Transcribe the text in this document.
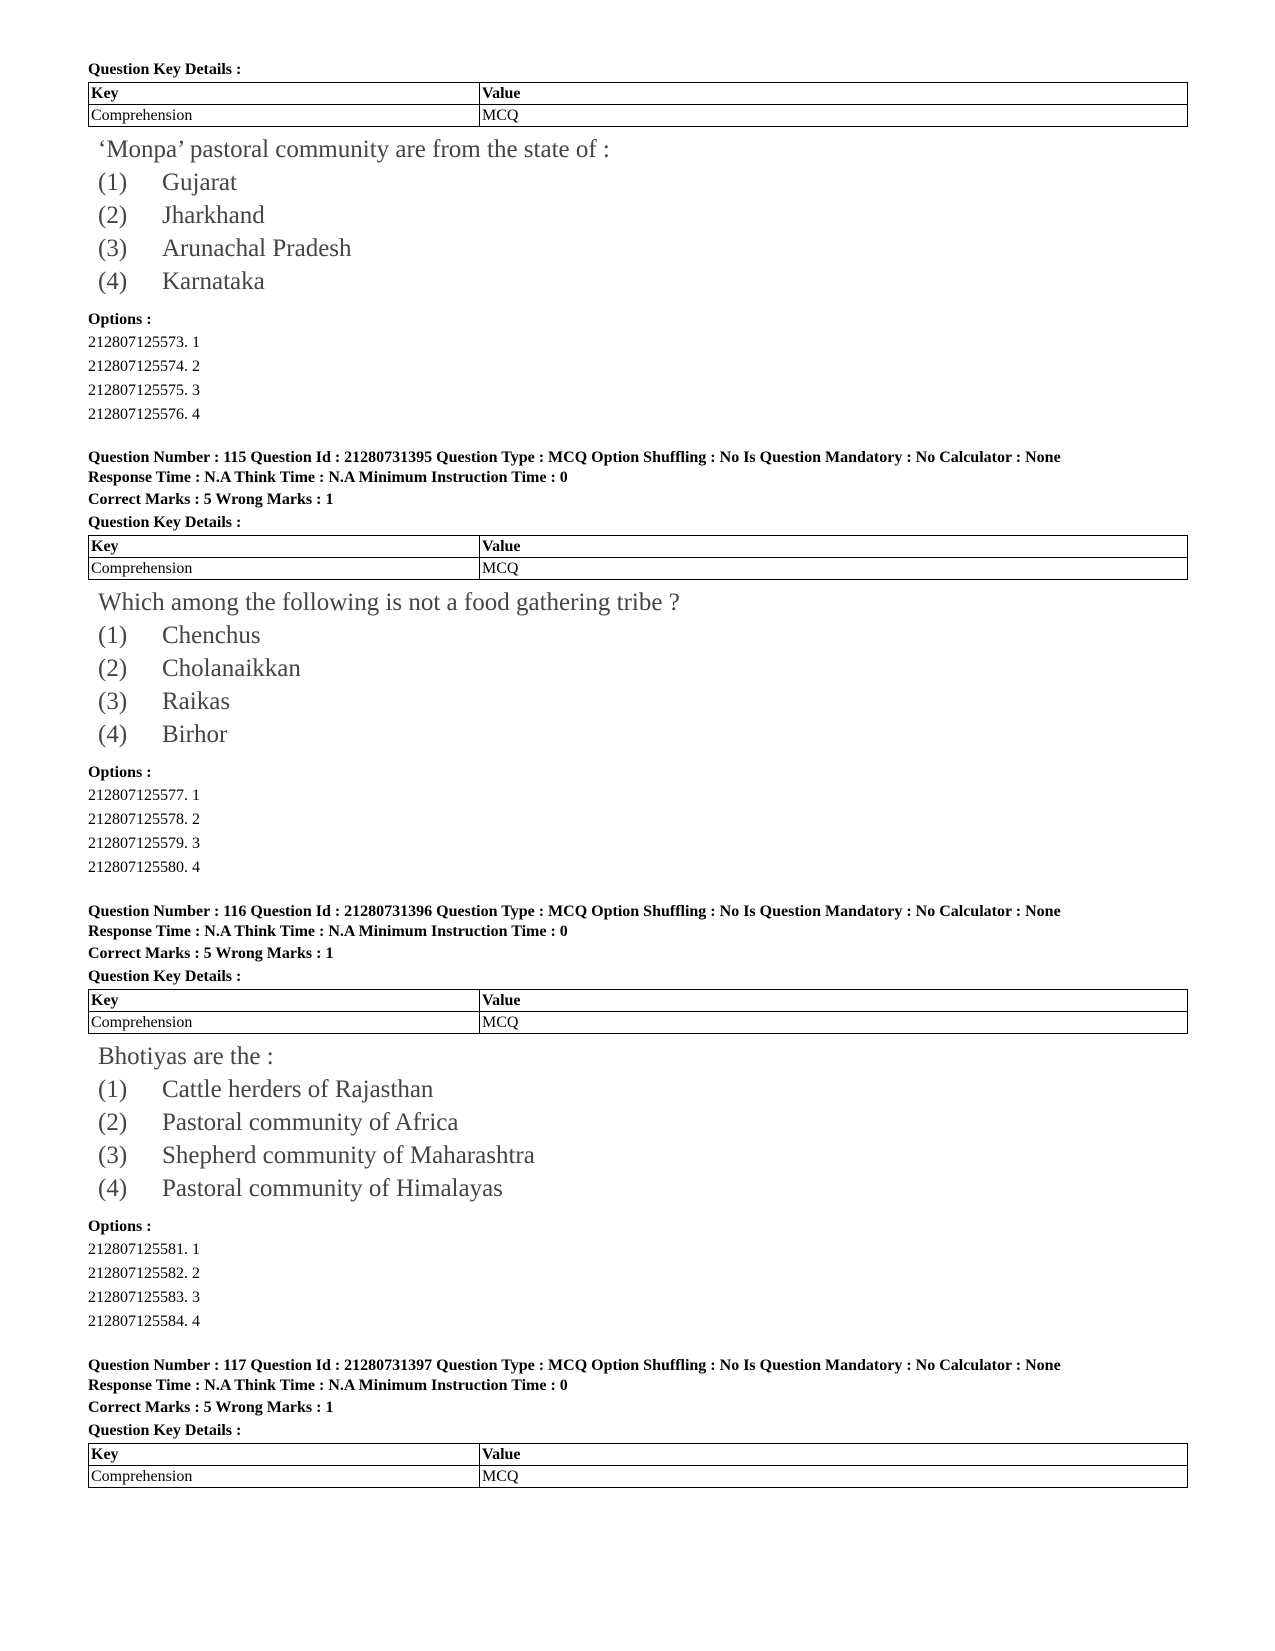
Question Key Details :
Key	Value
Comprehension	MCQ
‘Monpa’ pastoral community are from the state of :
(1)	Gujarat
(2)	Jharkhand
(3)	Arunachal Pradesh
(4)	Karnataka
Options :
212807125573. 1
212807125574. 2
212807125575. 3
212807125576. 4
Question Number : 115 Question Id : 21280731395 Question Type : MCQ Option Shuffling : No Is Question Mandatory : No Calculator : None
Response Time : N.A Think Time : N.A Minimum Instruction Time : 0
Correct Marks : 5 Wrong Marks : 1
Question Key Details :
Key	Value
Comprehension	MCQ
Which among the following is not a food gathering tribe ?
(1)	Chenchus
(2)	Cholanaikkan
(3)	Raikas
(4)	Birhor
Options :
212807125577. 1
212807125578. 2
212807125579. 3
212807125580. 4
Question Number : 116 Question Id : 21280731396 Question Type : MCQ Option Shuffling : No Is Question Mandatory : No Calculator : None
Response Time : N.A Think Time : N.A Minimum Instruction Time : 0
Correct Marks : 5 Wrong Marks : 1
Question Key Details :
Key	Value
Comprehension	MCQ
Bhotiyas are the :
(1)	Cattle herders of Rajasthan
(2)	Pastoral community of Africa
(3)	Shepherd community of Maharashtra
(4)	Pastoral community of Himalayas
Options :
212807125581. 1
212807125582. 2
212807125583. 3
212807125584. 4
Question Number : 117 Question Id : 21280731397 Question Type : MCQ Option Shuffling : No Is Question Mandatory : No Calculator : None
Response Time : N.A Think Time : N.A Minimum Instruction Time : 0
Correct Marks : 5 Wrong Marks : 1
Question Key Details :
Key	Value
Comprehension	MCQ
